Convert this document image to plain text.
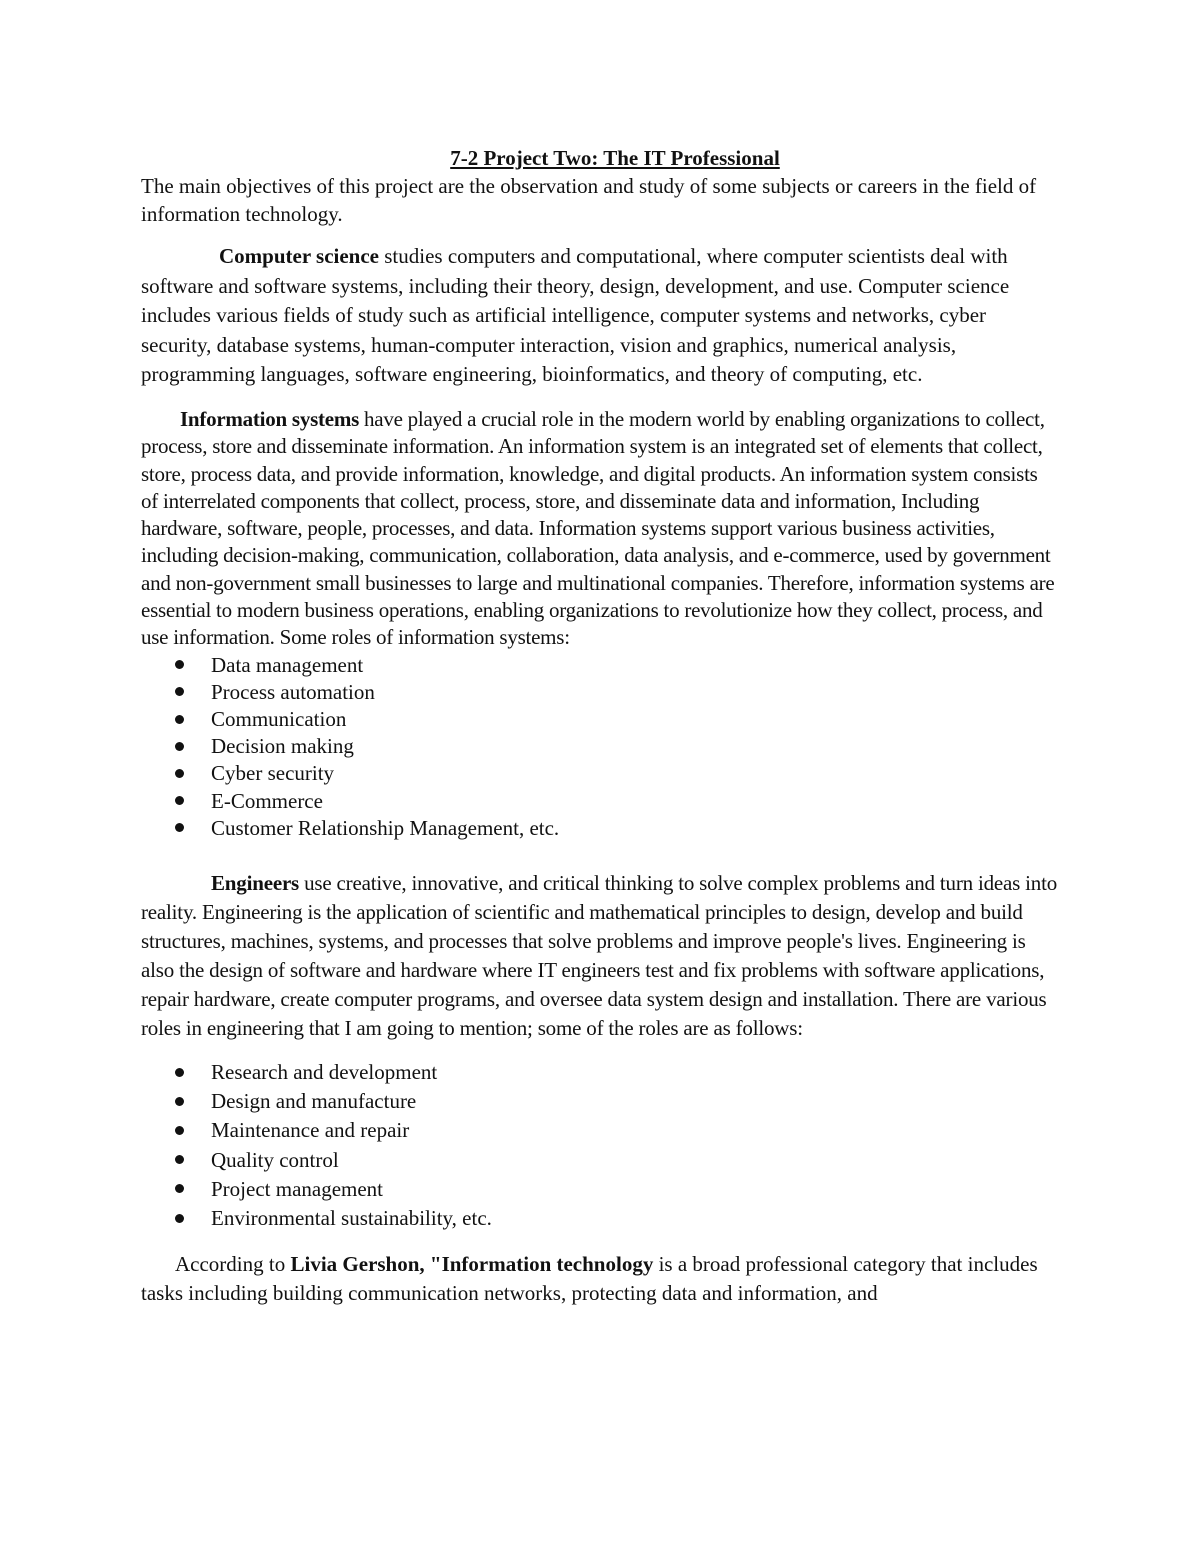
7-2 Project Two: The IT Professional

The main objectives of this project are the observation and study of some subjects or careers in the field of information technology.

Computer science studies computers and computational, where computer scientists deal with software and software systems, including their theory, design, development, and use. Computer science includes various fields of study such as artificial intelligence, computer systems and networks, cyber security, database systems, human-computer interaction, vision and graphics, numerical analysis, programming languages, software engineering, bioinformatics, and theory of computing, etc.

Information systems have played a crucial role in the modern world by enabling organizations to collect, process, store and disseminate information. An information system is an integrated set of elements that collect, store, process data, and provide information, knowledge, and digital products. An information system consists of interrelated components that collect, process, store, and disseminate data and information, Including hardware, software, people, processes, and data. Information systems support various business activities, including decision-making, communication, collaboration, data analysis, and e-commerce, used by government and non-government small businesses to large and multinational companies. Therefore, information systems are essential to modern business operations, enabling organizations to revolutionize how they collect, process, and use information. Some roles of information systems:

Data management
Process automation
Communication
Decision making
Cyber security
E-Commerce
Customer Relationship Management, etc.

Engineers use creative, innovative, and critical thinking to solve complex problems and turn ideas into reality. Engineering is the application of scientific and mathematical principles to design, develop and build structures, machines, systems, and processes that solve problems and improve people's lives. Engineering is also the design of software and hardware where IT engineers test and fix problems with software applications, repair hardware, create computer programs, and oversee data system design and installation. There are various roles in engineering that I am going to mention; some of the roles are as follows:

Research and development
Design and manufacture
Maintenance and repair
Quality control
Project management
Environmental sustainability, etc.

According to Livia Gershon, "Information technology is a broad professional category that includes tasks including building communication networks, protecting data and information, and
